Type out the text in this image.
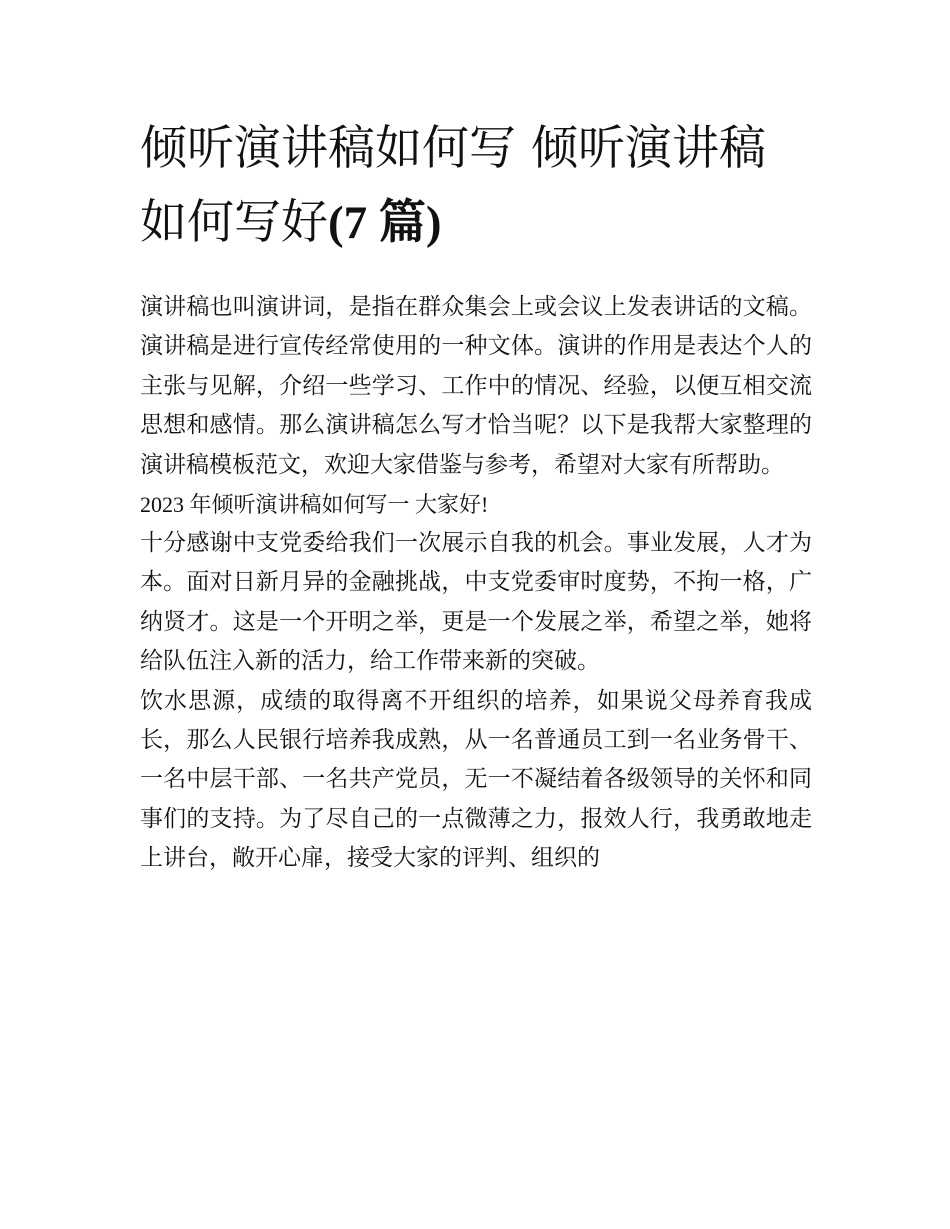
倾听演讲稿如何写 倾听演讲稿如何写好(7 篇)

演讲稿也叫演讲词，是指在群众集会上或会议上发表讲话的文稿。演讲稿是进行宣传经常使用的一种文体。演讲的作用是表达个人的主张与见解，介绍一些学习、工作中的情况、经验，以便互相交流思想和感情。那么演讲稿怎么写才恰当呢？以下是我帮大家整理的演讲稿模板范文，欢迎大家借鉴与参考，希望对大家有所帮助。

2023 年倾听演讲稿如何写一 大家好!

十分感谢中支党委给我们一次展示自我的机会。事业发展，人才为本。面对日新月异的金融挑战，中支党委审时度势，不拘一格，广纳贤才。这是一个开明之举，更是一个发展之举，希望之举，她将给队伍注入新的活力，给工作带来新的突破。

饮水思源，成绩的取得离不开组织的培养，如果说父母养育我成长，那么人民银行培养我成熟，从一名普通员工到一名业务骨干、一名中层干部、一名共产党员，无一不凝结着各级领导的关怀和同事们的支持。为了尽自己的一点微薄之力，报效人行，我勇敢地走上讲台，敞开心扉，接受大家的评判、组织的
